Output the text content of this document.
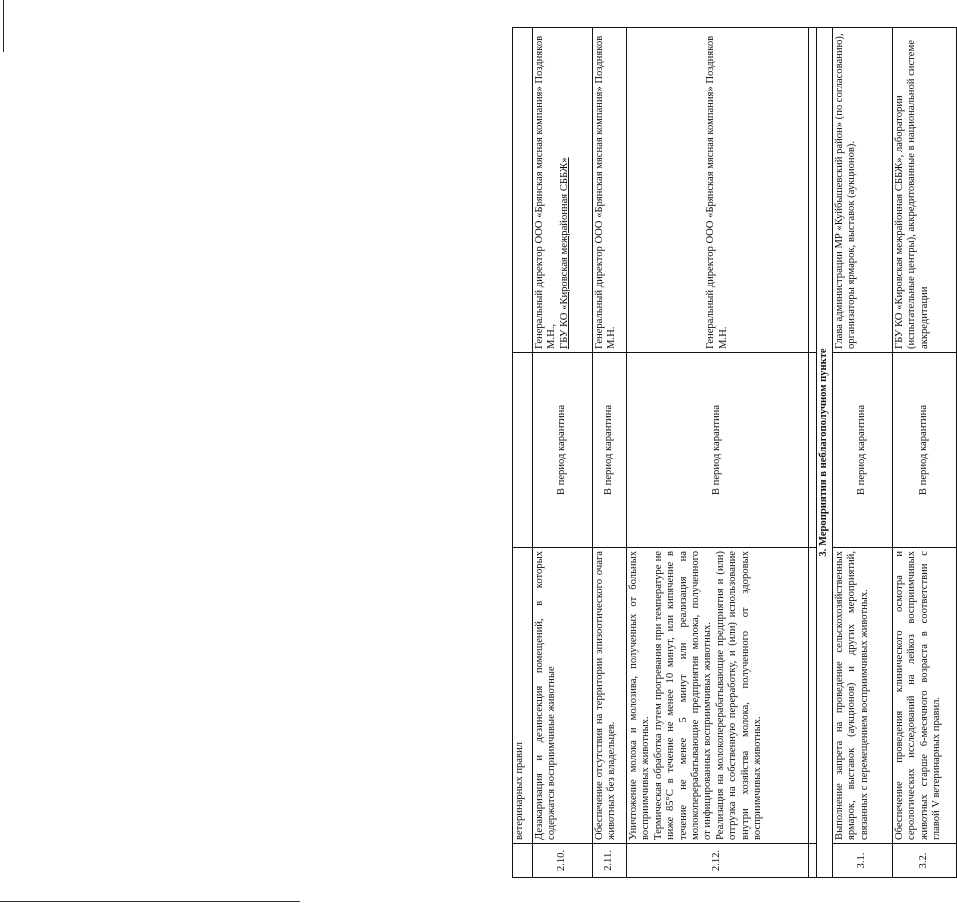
	ветеринарных правил		
2.10.	Дезакаризация и дезинсекция помещений, в которых содержатся восприимчивые животные	В период карантина	Генеральный директор ООО «Брянская мясная компания» Поздняков М.Н., ГБУ КО «Кировская межрайонная СББЖ»

2.11.	Обеспечение отсутствия на территории эпизоотического очага животных без владельцев.	В период карантина	Генеральный директор ООО «Брянская мясная компания» Поздняков М.Н.
2.12.	Уничтожение молока и молозива, полученных от больных восприимчивых животных. Термическая обработка путем прогревания при температуре не ниже 85°С в течение не менее 10 минут, или кипячение в течение не менее 5 минут или реализация на молокоперерабатывающие предприятия молока, полученного от инфицированных восприимчивых животных. Реализация на молокоперерабатывающие предприятия и (или) отгрузка на собственную переработку, и (или) использование внутри хозяйства молока, полученного от здоровых восприимчивых животных.	В период карантина	Генеральный директор ООО «Брянская мясная компания» Поздняков М.Н.

3. Мероприятия в неблагополучном пункте			
3.1.	Выполнение запрета на проведение сельскохозяйственных ярмарок, выставок (аукционов) и других мероприятий, связанных с перемещением восприимчивых животных.	В период карантина	Глава администрации МР «Куйбышевский район» (по согласованию), организаторы ярмарок, выставок (аукционов).
3.2.	Обеспечение проведения клинического осмотра и серологических исследований на лейкоз восприимчивых животных старше 6-месячного возраста в соответствии с главой V ветеринарных правил.	В период карантина	ГБУ КО «Кировская межрайонная СББЖ», лаборатории (испытательные центры), аккредитованные в национальной системе аккредитации
